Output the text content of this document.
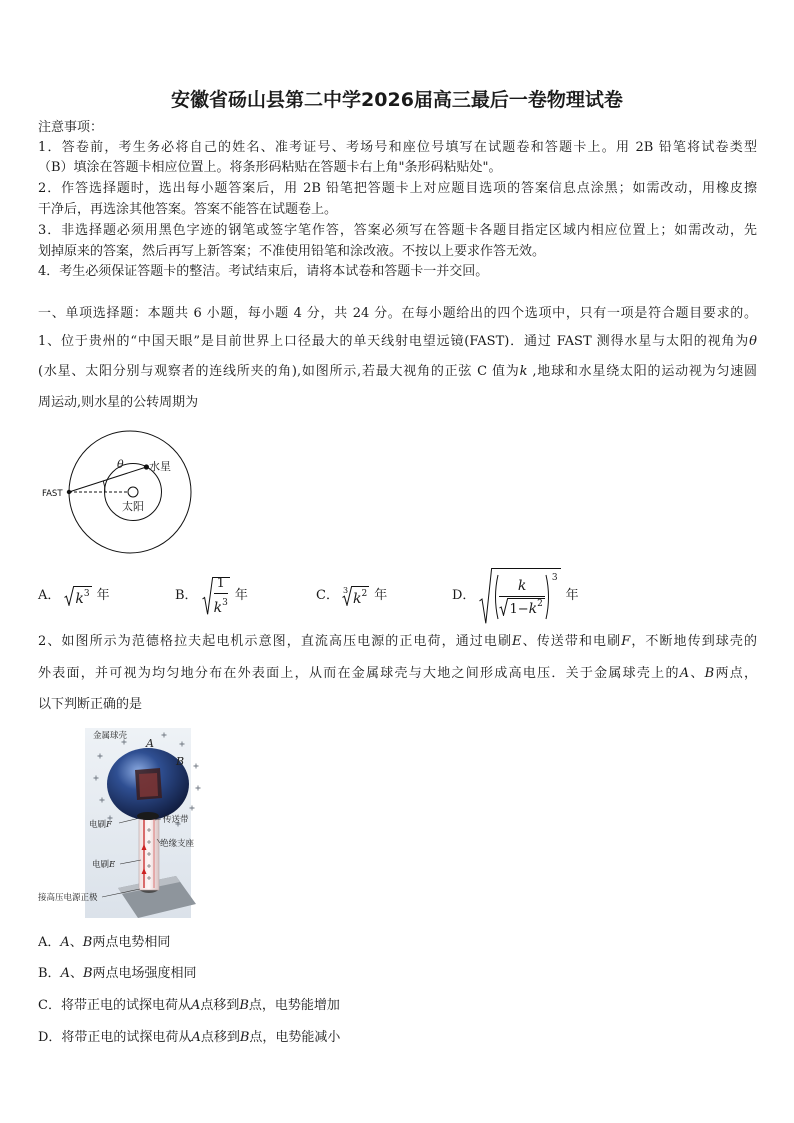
安徽省砀山县第二中学2026届高三最后一卷物理试卷
注意事项：
1．答卷前，考生务必将自己的姓名、准考证号、考场号和座位号填写在试题卷和答题卡上。用 2B 铅笔将试卷类型
（B）填涂在答题卡相应位置上。将条形码粘贴在答题卡右上角"条形码粘贴处"。
2．作答选择题时，选出每小题答案后，用 2B 铅笔把答题卡上对应题目选项的答案信息点涂黑；如需改动，用橡皮擦
干净后，再选涂其他答案。答案不能答在试题卷上。
3．非选择题必须用黑色字迹的钢笔或签字笔作答，答案必须写在答题卡各题目指定区域内相应位置上；如需改动，先
划掉原来的答案，然后再写上新答案；不准使用铅笔和涂改液。不按以上要求作答无效。
4．考生必须保证答题卡的整洁。考试结束后，请将本试卷和答题卡一并交回。
一、单项选择题：本题共 6 小题，每小题 4 分，共 24 分。在每小题给出的四个选项中，只有一项是符合题目要求的。
1、位于贵州的“中国天眼”是目前世界上口径最大的单天线射电望远镜(FAST)．通过 FAST 测得水星与太阳的视角为θ
(水星、太阳分别与观察者的连线所夹的角),如图所示,若最大视角的正弦 C 值为k ,地球和水星绕太阳的运动视为匀速圆
周运动,则水星的公转周期为
FAST
θ 水星
太阳
A． $k^3$ 年	B． $\frac{1}{k^3}$ 年	C． 3 $k^2$ 年	D． $\frac{k}{1-k^2} 3$
年
2、如图所示为范德格拉夫起电机示意图，直流高压电源的正电荷，通过电刷E、传送带和电刷F，不断地传到球壳的
外表面，并可视为均匀地分布在外表面上，从而在金属球壳与大地之间形成高电压．关于金属球壳上的A、B两点，
以下判断正确的是
金属球壳
A
B
电刷F	传送带
绝缘支座
电刷E
接高压电源正极
A．A、B两点电势相同
B．A、B两点电场强度相同
C．将带正电的试探电荷从A点移到B点，电势能增加
D．将带正电的试探电荷从A点移到B点，电势能减小
